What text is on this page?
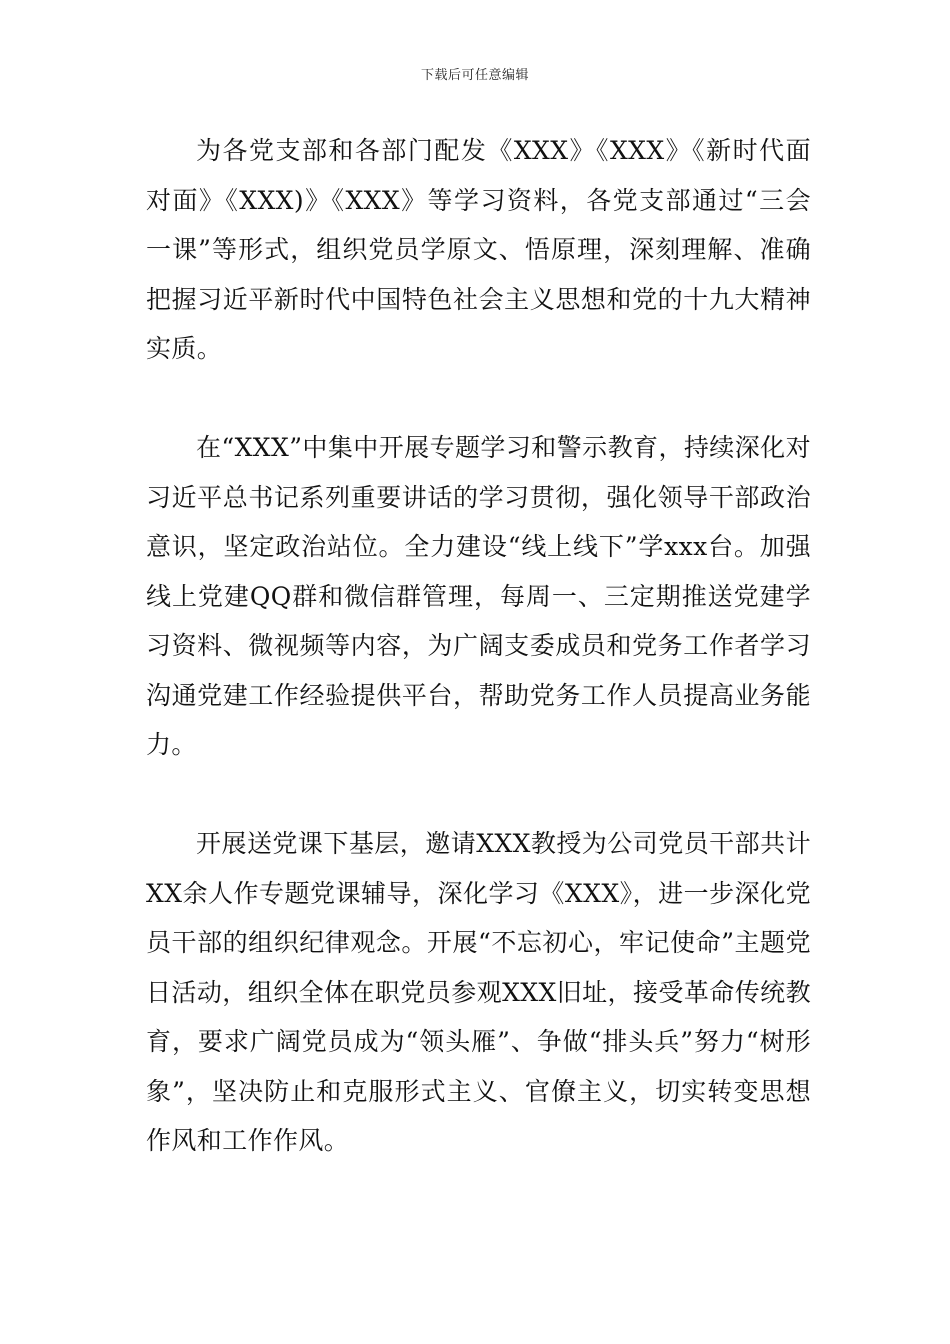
下载后可任意编辑

为各党支部和各部门配发《XXX》《XXX》《新时代面对面》《XXX)》《XXX》等学习资料，各党支部通过“三会一课”等形式，组织党员学原文、悟原理，深刻理解、准确把握习近平新时代中国特色社会主义思想和党的十九大精神实质。

在“XXX”中集中开展专题学习和警示教育，持续深化对习近平总书记系列重要讲话的学习贯彻，强化领导干部政治意识，坚定政治站位。全力建设“线上线下”学xxx台。加强线上党建QQ群和微信群管理，每周一、三定期推送党建学习资料、微视频等内容，为广阔支委成员和党务工作者学习沟通党建工作经验提供平台，帮助党务工作人员提高业务能力。

开展送党课下基层，邀请XXX教授为公司党员干部共计XX余人作专题党课辅导，深化学习《XXX》，进一步深化党员干部的组织纪律观念。开展“不忘初心，牢记使命”主题党日活动，组织全体在职党员参观XXX旧址，接受革命传统教育，要求广阔党员成为“领头雁”、争做“排头兵”努力“树形象”，坚决防止和克服形式主义、官僚主义，切实转变思想作风和工作作风。
